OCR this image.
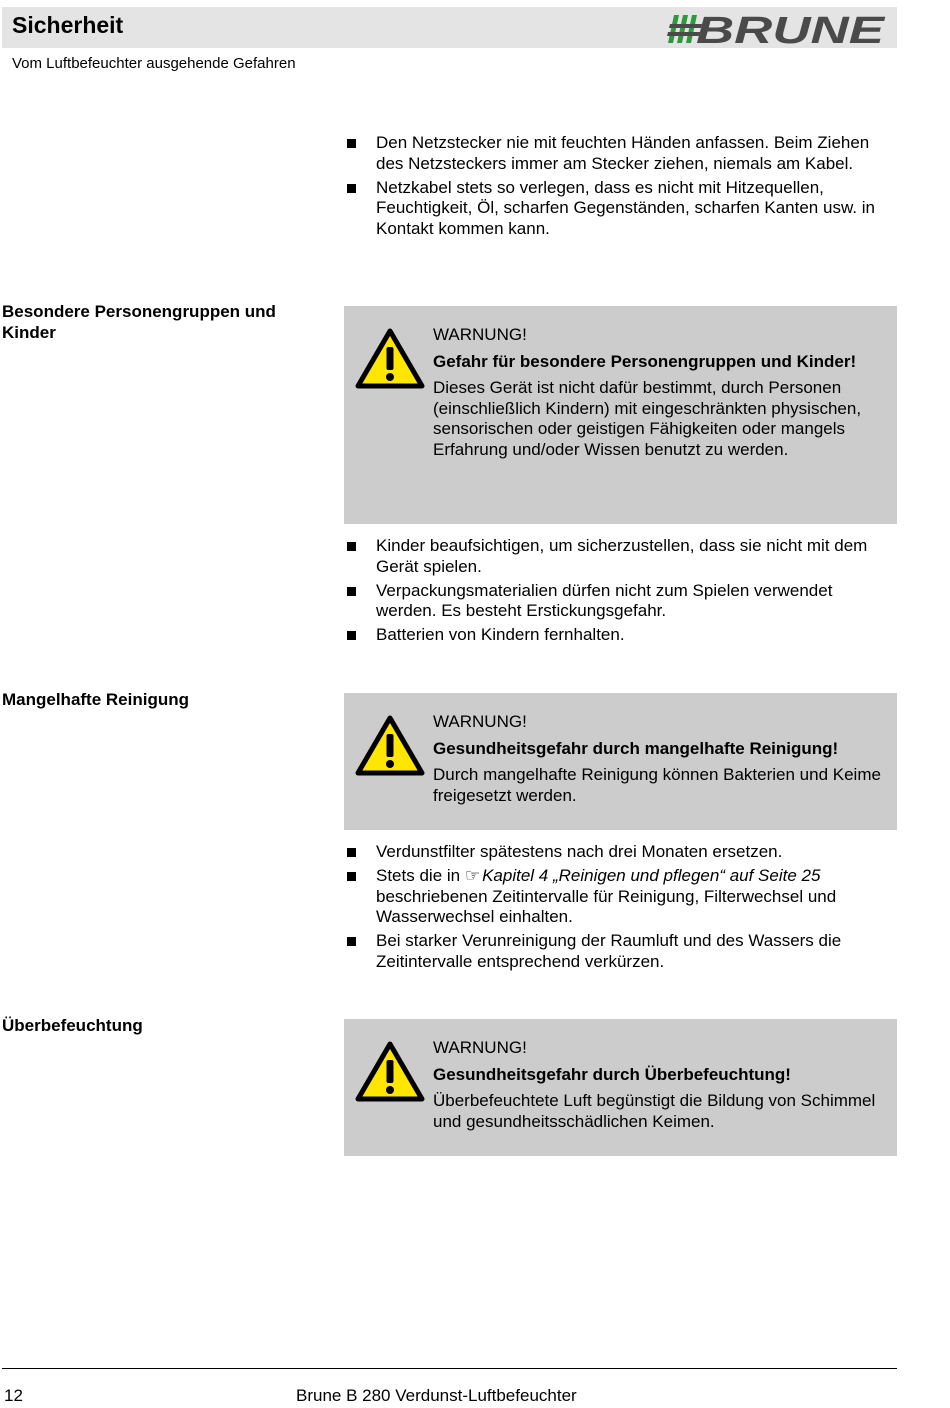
Sicherheit
Vom Luftbefeuchter ausgehende Gefahren
BRUNE
Den Netzstecker nie mit feuchten Händen anfassen. Beim Ziehen des Netzsteckers immer am Stecker ziehen, niemals am Kabel.
Netzkabel stets so verlegen, dass es nicht mit Hitzequellen, Feuchtigkeit, Öl, scharfen Gegenständen, scharfen Kanten usw. in Kontakt kommen kann.
Besondere Personengruppen und Kinder	WARNUNG!
Gefahr für besondere Personengruppen und Kinder!
Dieses Gerät ist nicht dafür bestimmt, durch Personen (einschließlich Kindern) mit eingeschränkten physischen, sensorischen oder geistigen Fähigkeiten oder mangels Erfahrung und/oder Wissen benutzt zu werden.
Kinder beaufsichtigen, um sicherzustellen, dass sie nicht mit dem Gerät spielen.
Verpackungsmaterialien dürfen nicht zum Spielen verwendet werden. Es besteht Erstickungsgefahr.
Batterien von Kindern fernhalten.
Mangelhafte Reinigung
WARNUNG!
Gesundheitsgefahr durch mangelhafte Reinigung!
Durch mangelhafte Reinigung können Bakterien und Keime freigesetzt werden.
Verdunstfilter spätestens nach drei Monaten ersetzen.
Stets die in ☞ Kapitel 4 „Reinigen und pflegen“ auf Seite 25 beschriebenen Zeitintervalle für Reinigung, Filterwechsel und Wasserwechsel einhalten.
Bei starker Verunreinigung der Raumluft und des Wassers die Zeitintervalle entsprechend verkürzen.
Überbefeuchtung
WARNUNG!
Gesundheitsgefahr durch Überbefeuchtung!
Überbefeuchtete Luft begünstigt die Bildung von Schimmel und gesundheitsschädlichen Keimen.
12	Brune B 280 Verdunst-Luftbefeuchter
